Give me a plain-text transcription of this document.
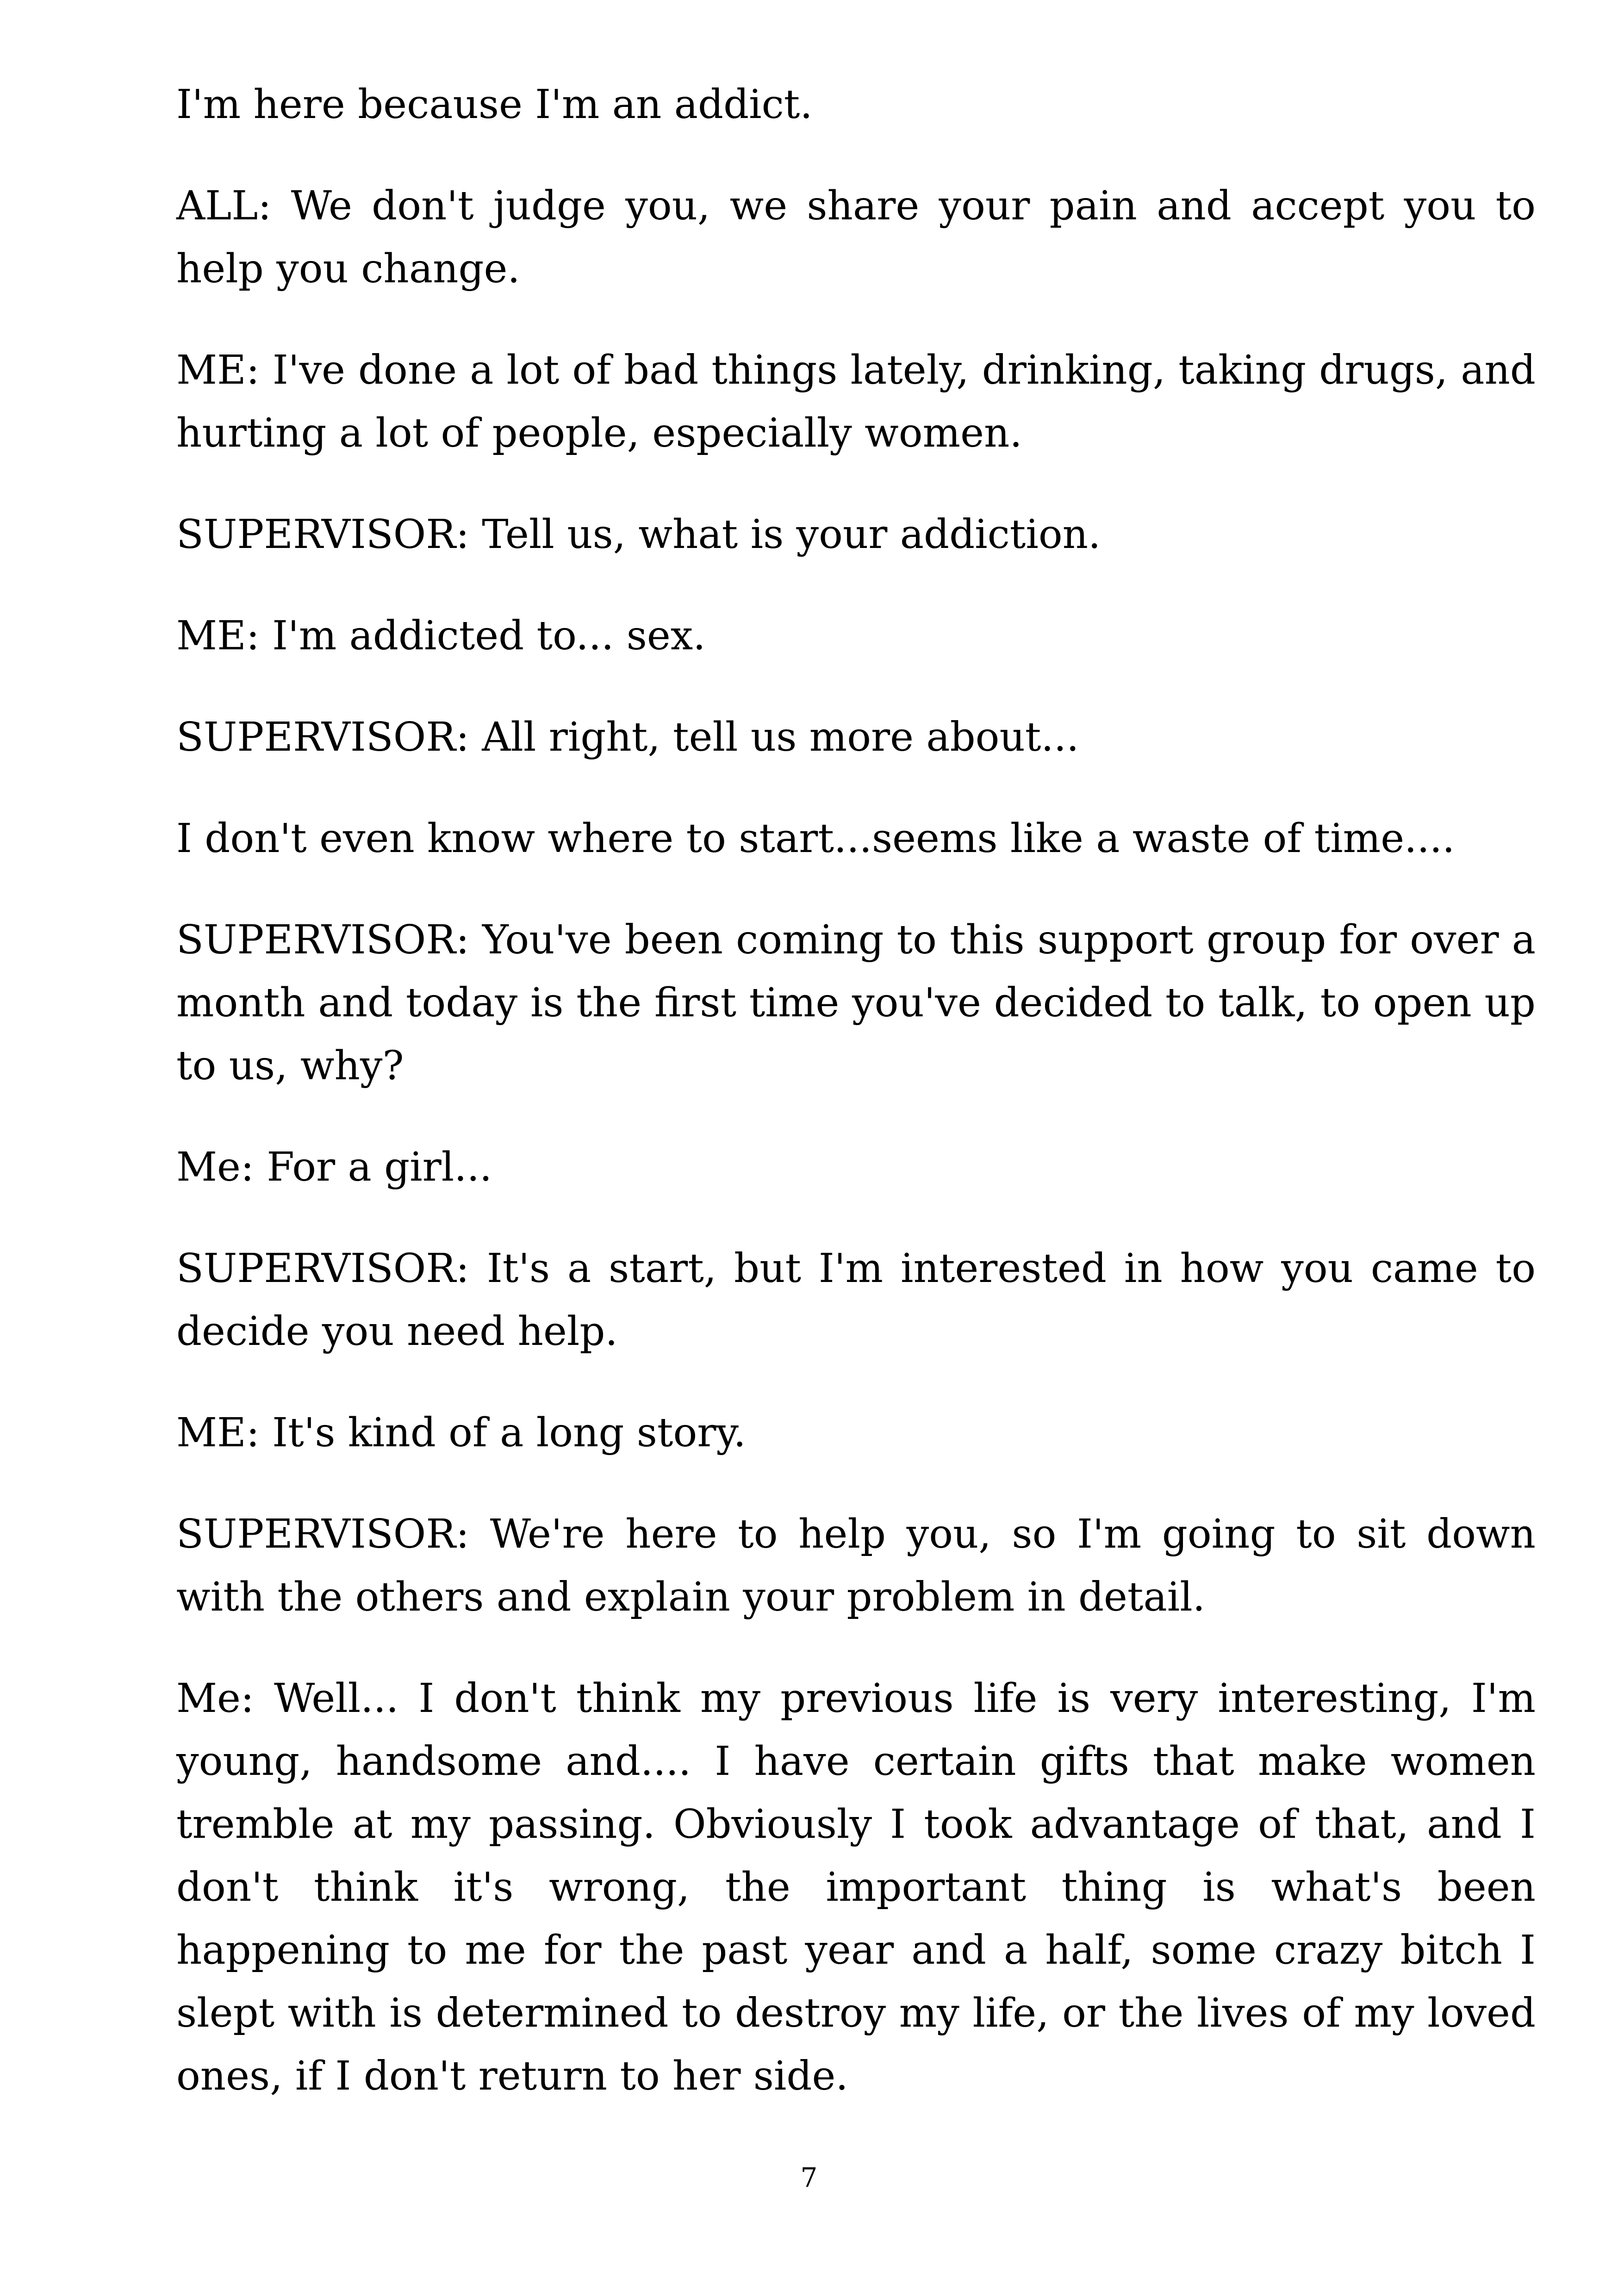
I'm here because I'm an addict.

ALL: We don't judge you, we share your pain and accept you to help you change.

ME: I've done a lot of bad things lately, drinking, taking drugs, and hurting a lot of people, especially women.

SUPERVISOR: Tell us, what is your addiction.

ME: I'm addicted to... sex.

SUPERVISOR: All right, tell us more about...

I don't even know where to start...seems like a waste of time....

SUPERVISOR: You've been coming to this support group for over a month and today is the first time you've decided to talk, to open up to us, why?

Me: For a girl...

SUPERVISOR: It's a start, but I'm interested in how you came to decide you need help.

ME: It's kind of a long story.

SUPERVISOR: We're here to help you, so I'm going to sit down with the others and explain your problem in detail.

Me: Well... I don't think my previous life is very interesting, I'm young, handsome and.... I have certain gifts that make women tremble at my passing. Obviously I took advantage of that, and I don't think it's wrong, the important thing is what's been happening to me for the past year and a half, some crazy bitch I slept with is determined to destroy my life, or the lives of my loved ones, if I don't return to her side.

7
